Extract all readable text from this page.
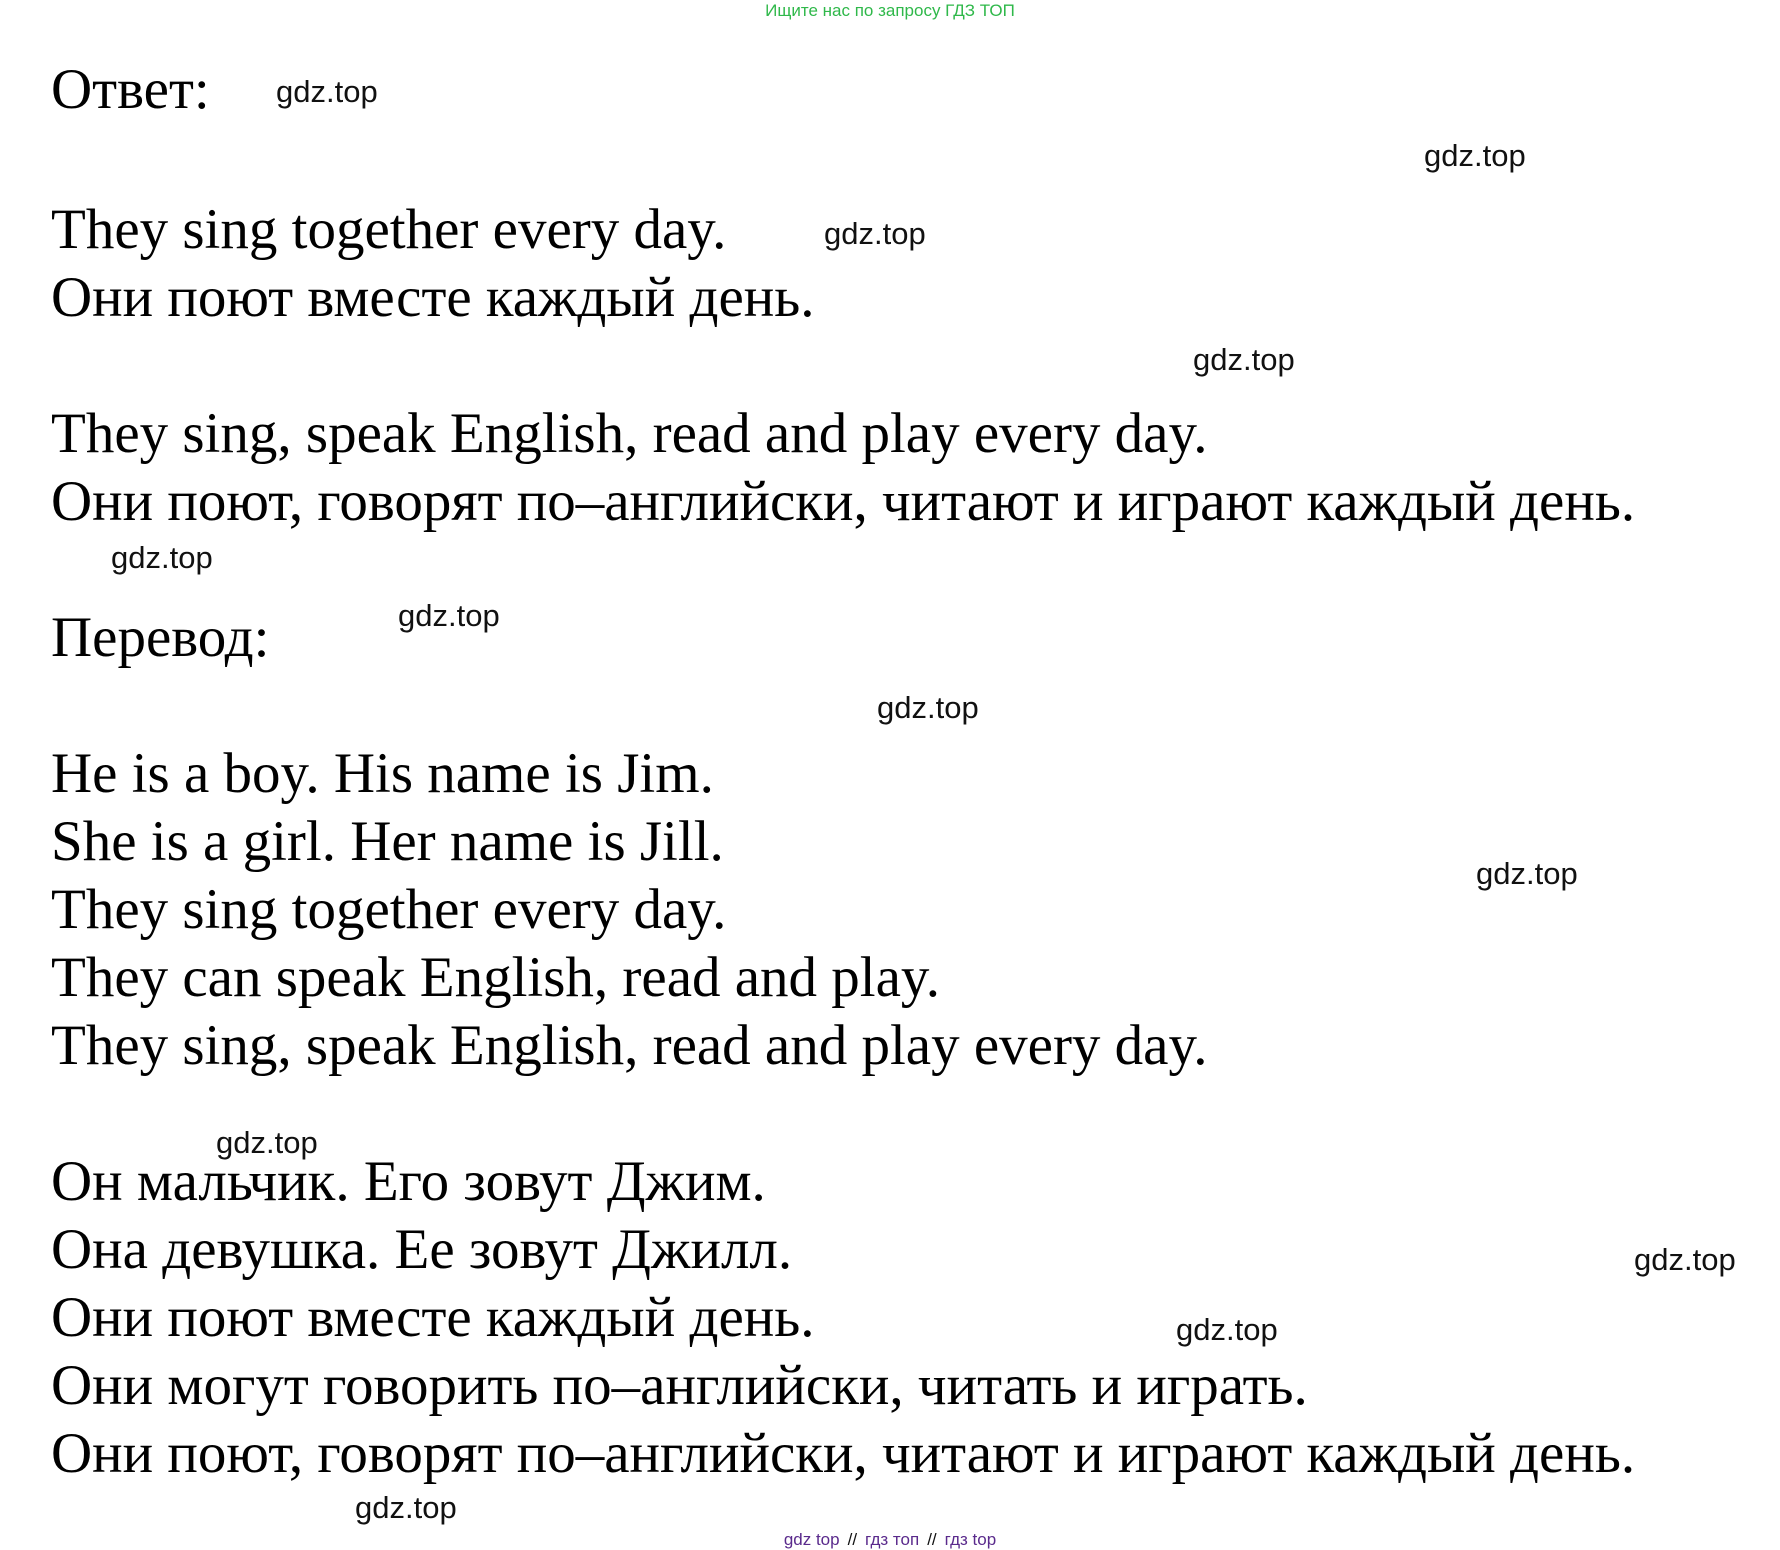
Ищите нас по запросу ГДЗ ТОП
Ответ:
They sing together every day.
Они поют вместе каждый день.
They sing, speak English, read and play every day.
Они поют, говорят по–английски, читают и играют каждый день.
Перевод:
He is a boy. His name is Jim.
She is a girl. Her name is Jill.
They sing together every day.
They can speak English, read and play.
They sing, speak English, read and play every day.
Он мальчик. Его зовут Джим.
Она девушка. Ее зовут Джилл.
Они поют вместе каждый день.
Они могут говорить по–английски, читать и играть.
Они поют, говорят по–английски, читают и играют каждый день.
gdz.top
gdz.top
gdz.top
gdz.top
gdz.top
gdz.top
gdz.top
gdz.top
gdz.top
gdz.top
gdz.top
gdz.top
gdz top // гдз топ // гдз top
